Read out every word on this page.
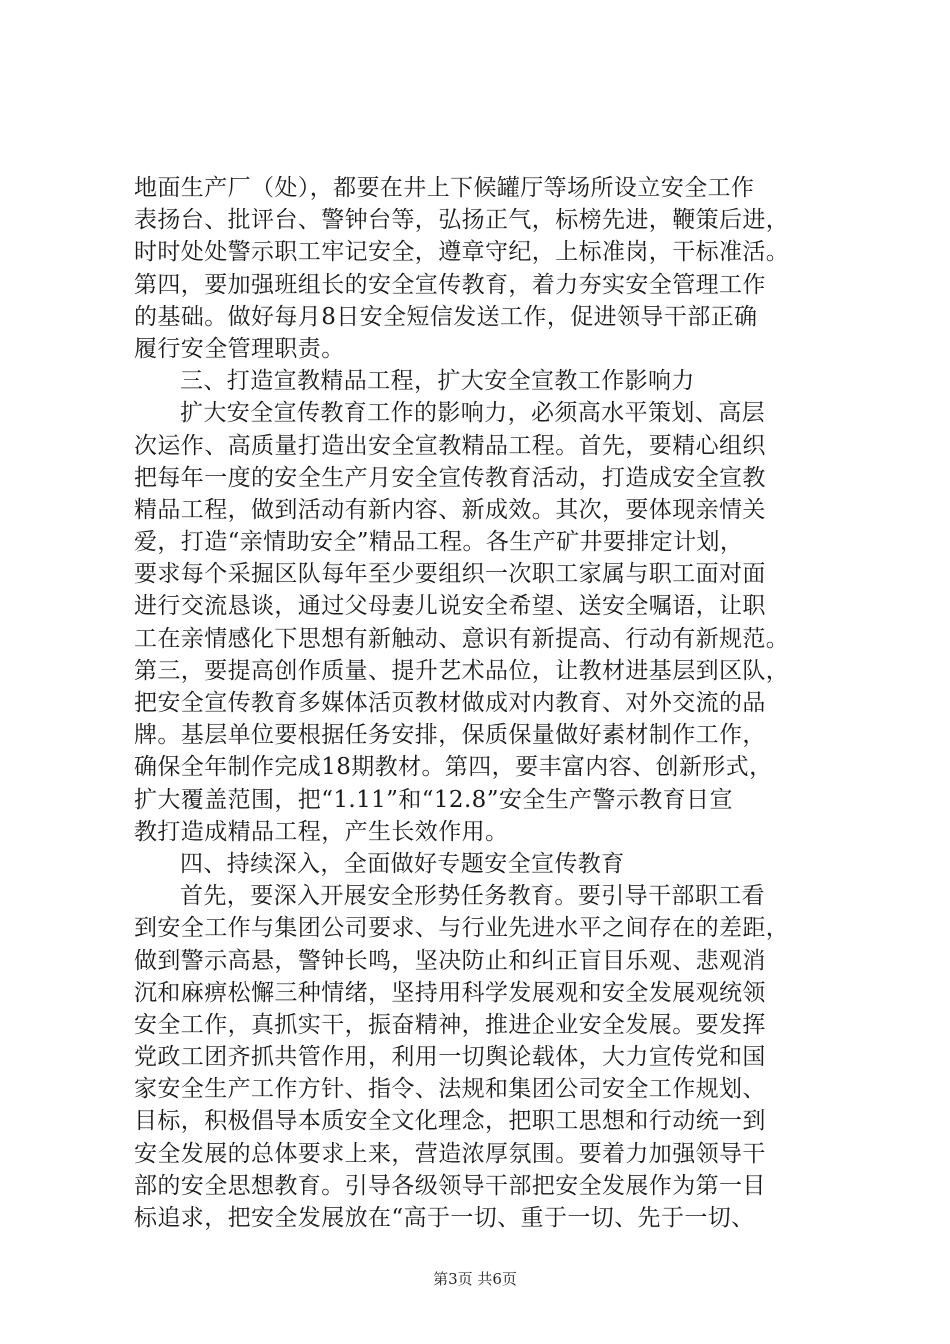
地面生产厂（处），都要在井上下候罐厅等场所设立安全工作
表扬台、批评台、警钟台等，弘扬正气，标榜先进，鞭策后进，
时时处处警示职工牢记安全，遵章守纪，上标准岗，干标准活。
第四，要加强班组长的安全宣传教育，着力夯实安全管理工作
的基础。做好每月8日安全短信发送工作，促进领导干部正确
履行安全管理职责。
三、打造宣教精品工程，扩大安全宣教工作影响力
扩大安全宣传教育工作的影响力，必须高水平策划、高层
次运作、高质量打造出安全宣教精品工程。首先，要精心组织
把每年一度的安全生产月安全宣传教育活动，打造成安全宣教
精品工程，做到活动有新内容、新成效。其次，要体现亲情关
爱，打造“亲情助安全”精品工程。各生产矿井要排定计划，
要求每个采掘区队每年至少要组织一次职工家属与职工面对面
进行交流恳谈，通过父母妻儿说安全希望、送安全嘱语，让职
工在亲情感化下思想有新触动、意识有新提高、行动有新规范。
第三，要提高创作质量、提升艺术品位，让教材进基层到区队，
把安全宣传教育多媒体活页教材做成对内教育、对外交流的品
牌。基层单位要根据任务安排，保质保量做好素材制作工作，
确保全年制作完成18期教材。第四，要丰富内容、创新形式，
扩大覆盖范围，把“1.11”和“12.8”安全生产警示教育日宣
教打造成精品工程，产生长效作用。
四、持续深入，全面做好专题安全宣传教育
首先，要深入开展安全形势任务教育。要引导干部职工看
到安全工作与集团公司要求、与行业先进水平之间存在的差距，
做到警示高悬，警钟长鸣，坚决防止和纠正盲目乐观、悲观消
沉和麻痹松懈三种情绪，坚持用科学发展观和安全发展观统领
安全工作，真抓实干，振奋精神，推进企业安全发展。要发挥
党政工团齐抓共管作用，利用一切舆论载体，大力宣传党和国
家安全生产工作方针、指令、法规和集团公司安全工作规划、
目标，积极倡导本质安全文化理念，把职工思想和行动统一到
安全发展的总体要求上来，营造浓厚氛围。要着力加强领导干
部的安全思想教育。引导各级领导干部把安全发展作为第一目
标追求，把安全发展放在“高于一切、重于一切、先于一切、
第3页 共6页
